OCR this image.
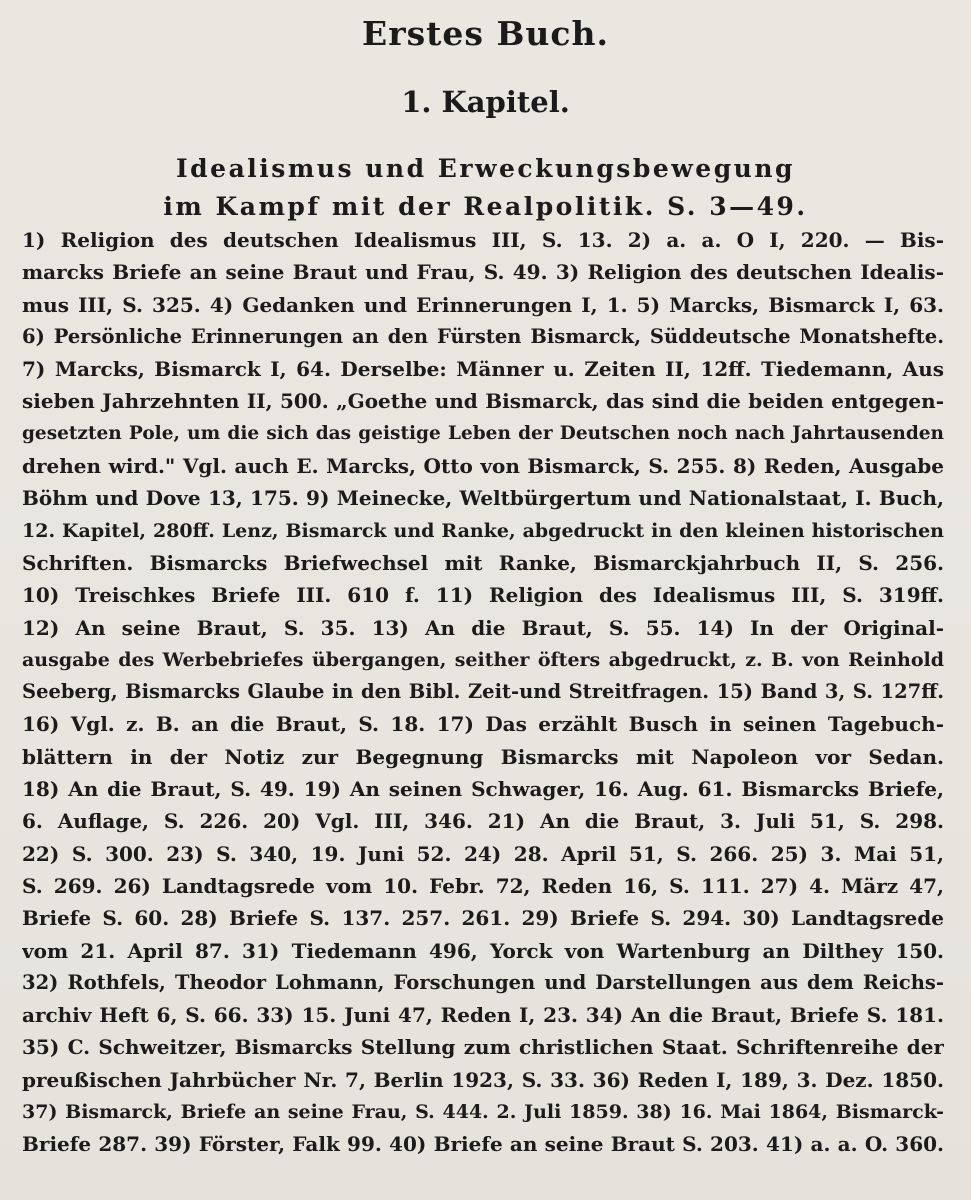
Erstes Buch.
1. Kapitel.
Idealismus und Erweckungsbewegung
im Kampf mit der Realpolitik. S. 3—49.
1) Religion des deutschen Idealismus III, S. 13. 2) a. a. O I, 220. — Bis-
marcks Briefe an seine Braut und Frau, S. 49. 3) Religion des deutschen Idealis-
mus III, S. 325. 4) Gedanken und Erinnerungen I, 1. 5) Marcks, Bismarck I, 63.
6) Persönliche Erinnerungen an den Fürsten Bismarck, Süddeutsche Monatshefte.
7) Marcks, Bismarck I, 64. Derselbe: Männer u. Zeiten II, 12ff. Tiedemann, Aus
sieben Jahrzehnten II, 500. „Goethe und Bismarck, das sind die beiden entgegen-
gesetzten Pole, um die sich das geistige Leben der Deutschen noch nach Jahrtausenden
drehen wird." Vgl. auch E. Marcks, Otto von Bismarck, S. 255. 8) Reden, Ausgabe
Böhm und Dove 13, 175. 9) Meinecke, Weltbürgertum und Nationalstaat, I. Buch,
12. Kapitel, 280ff. Lenz, Bismarck und Ranke, abgedruckt in den kleinen historischen
Schriften. Bismarcks Briefwechsel mit Ranke, Bismarckjahrbuch II, S. 256.
10) Treischkes Briefe III. 610 f. 11) Religion des Idealismus III, S. 319ff.
12) An seine Braut, S. 35. 13) An die Braut, S. 55. 14) In der Original-
ausgabe des Werbebriefes übergangen, seither öfters abgedruckt, z. B. von Reinhold
Seeberg, Bismarcks Glaube in den Bibl. Zeit-und Streitfragen. 15) Band 3, S. 127ff.
16) Vgl. z. B. an die Braut, S. 18. 17) Das erzählt Busch in seinen Tagebuch-
blättern in der Notiz zur Begegnung Bismarcks mit Napoleon vor Sedan.
18) An die Braut, S. 49. 19) An seinen Schwager, 16. Aug. 61. Bismarcks Briefe,
6. Auflage, S. 226. 20) Vgl. III, 346. 21) An die Braut, 3. Juli 51, S. 298.
22) S. 300. 23) S. 340, 19. Juni 52. 24) 28. April 51, S. 266. 25) 3. Mai 51,
S. 269. 26) Landtagsrede vom 10. Febr. 72, Reden 16, S. 111. 27) 4. März 47,
Briefe S. 60. 28) Briefe S. 137. 257. 261. 29) Briefe S. 294. 30) Landtagsrede
vom 21. April 87. 31) Tiedemann 496, Yorck von Wartenburg an Dilthey 150.
32) Rothfels, Theodor Lohmann, Forschungen und Darstellungen aus dem Reichs-
archiv Heft 6, S. 66. 33) 15. Juni 47, Reden I, 23. 34) An die Braut, Briefe S. 181.
35) C. Schweitzer, Bismarcks Stellung zum christlichen Staat. Schriftenreihe der
preußischen Jahrbücher Nr. 7, Berlin 1923, S. 33. 36) Reden I, 189, 3. Dez. 1850.
37) Bismarck, Briefe an seine Frau, S. 444. 2. Juli 1859. 38) 16. Mai 1864, Bismarck-
Briefe 287. 39) Förster, Falk 99. 40) Briefe an seine Braut S. 203. 41) a. a. O. 360.
